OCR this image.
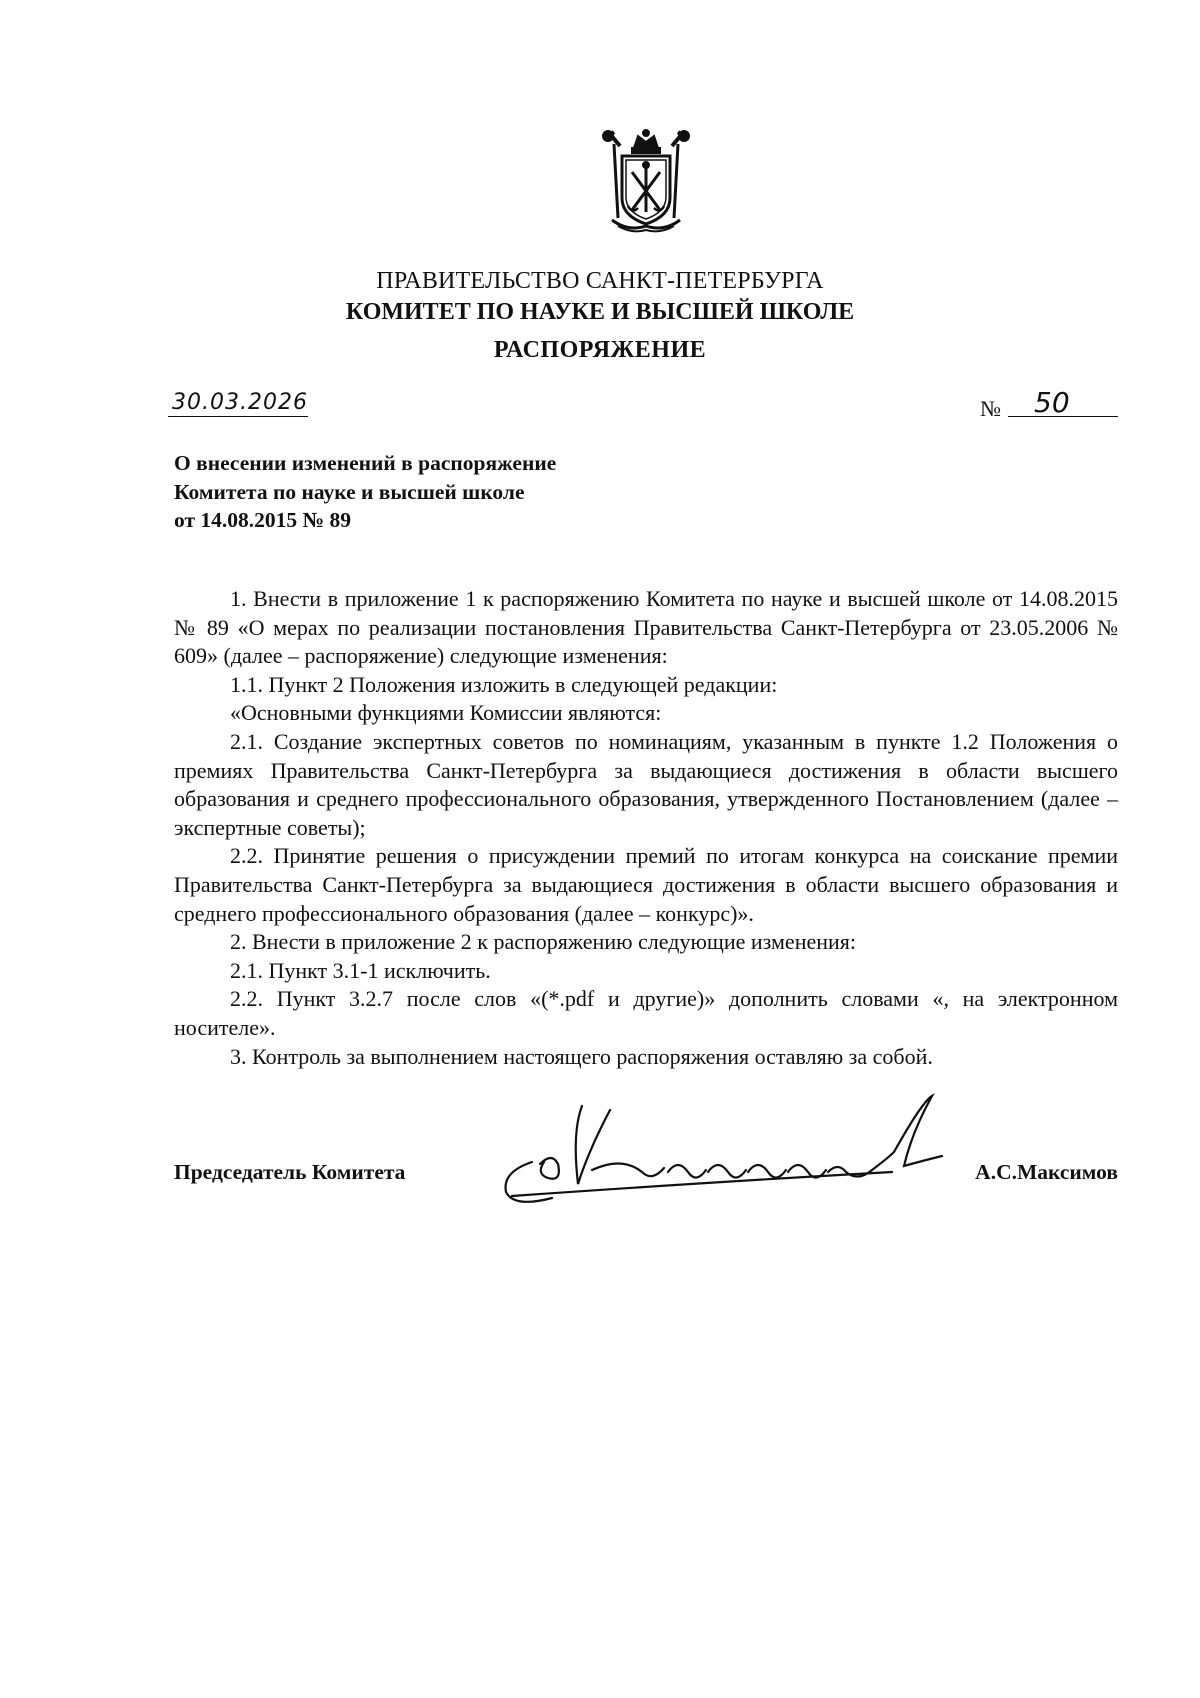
ПРАВИТЕЛЬСТВО САНКТ-ПЕТЕРБУРГА
КОМИТЕТ ПО НАУКЕ И ВЫСШЕЙ ШКОЛЕ
РАСПОРЯЖЕНИЕ
30.03.2026	№ 50
О внесении изменений в распоряжение
Комитета по науке и высшей школе
от 14.08.2015 № 89

1. Внести в приложение 1 к распоряжению Комитета по науке и высшей школе от 14.08.2015 № 89 «О мерах по реализации постановления Правительства Санкт-Петербурга от 23.05.2006 № 609» (далее – распоряжение) следующие изменения:

1.1. Пункт 2 Положения изложить в следующей редакции:

«Основными функциями Комиссии являются:

2.1. Создание экспертных советов по номинациям, указанным в пункте 1.2 Положения о премиях Правительства Санкт-Петербурга за выдающиеся достижения в области высшего образования и среднего профессионального образования, утвержденного Постановлением (далее – экспертные советы);

2.2. Принятие решения о присуждении премий по итогам конкурса на соискание премии Правительства Санкт-Петербурга за выдающиеся достижения в области высшего образования и среднего профессионального образования (далее – конкурс)».

2. Внести в приложение 2 к распоряжению следующие изменения:

2.1. Пункт 3.1-1 исключить.

2.2. Пункт 3.2.7 после слов «(*.pdf и другие)» дополнить словами «, на электронном носителе».

3. Контроль за выполнением настоящего распоряжения оставляю за собой.

Председатель Комитета	А.С.Максимов
